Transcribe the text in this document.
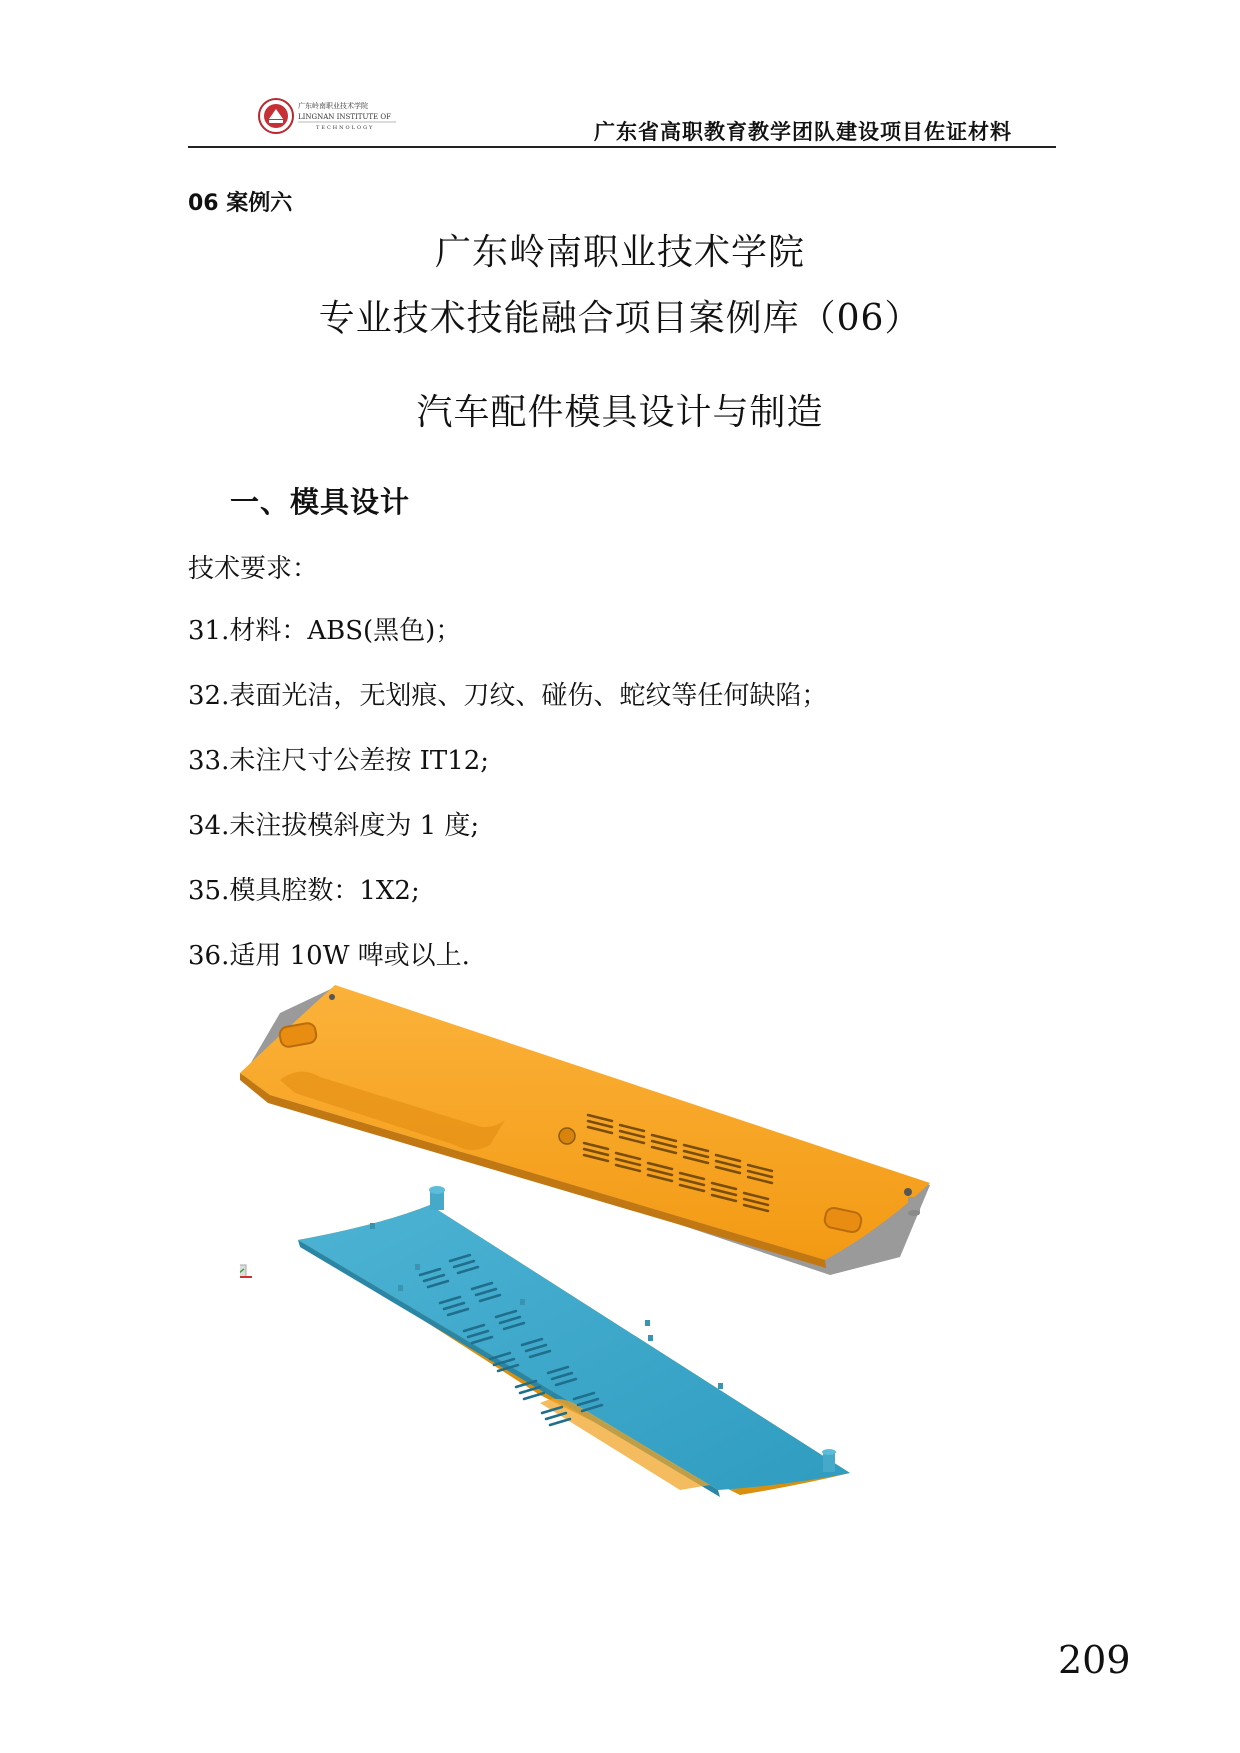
广东岭南职业技术学院
LINGNAN INSTITUTE OF
TECHNOLOGY	广东省高职教育教学团队建设项目佐证材料
06 案例六
广东岭南职业技术学院
专业技术技能融合项目案例库（06）
汽车配件模具设计与制造
一、模具设计
技术要求：
31.材料：ABS(黑色)；
32.表面光洁，无划痕、刀纹、碰伤、蛇纹等任何缺陷；
33.未注尺寸公差按 IT12;
34.未注拔模斜度为 1 度;
35.模具腔数：1X2;
36.适用 10W 啤或以上.
209
